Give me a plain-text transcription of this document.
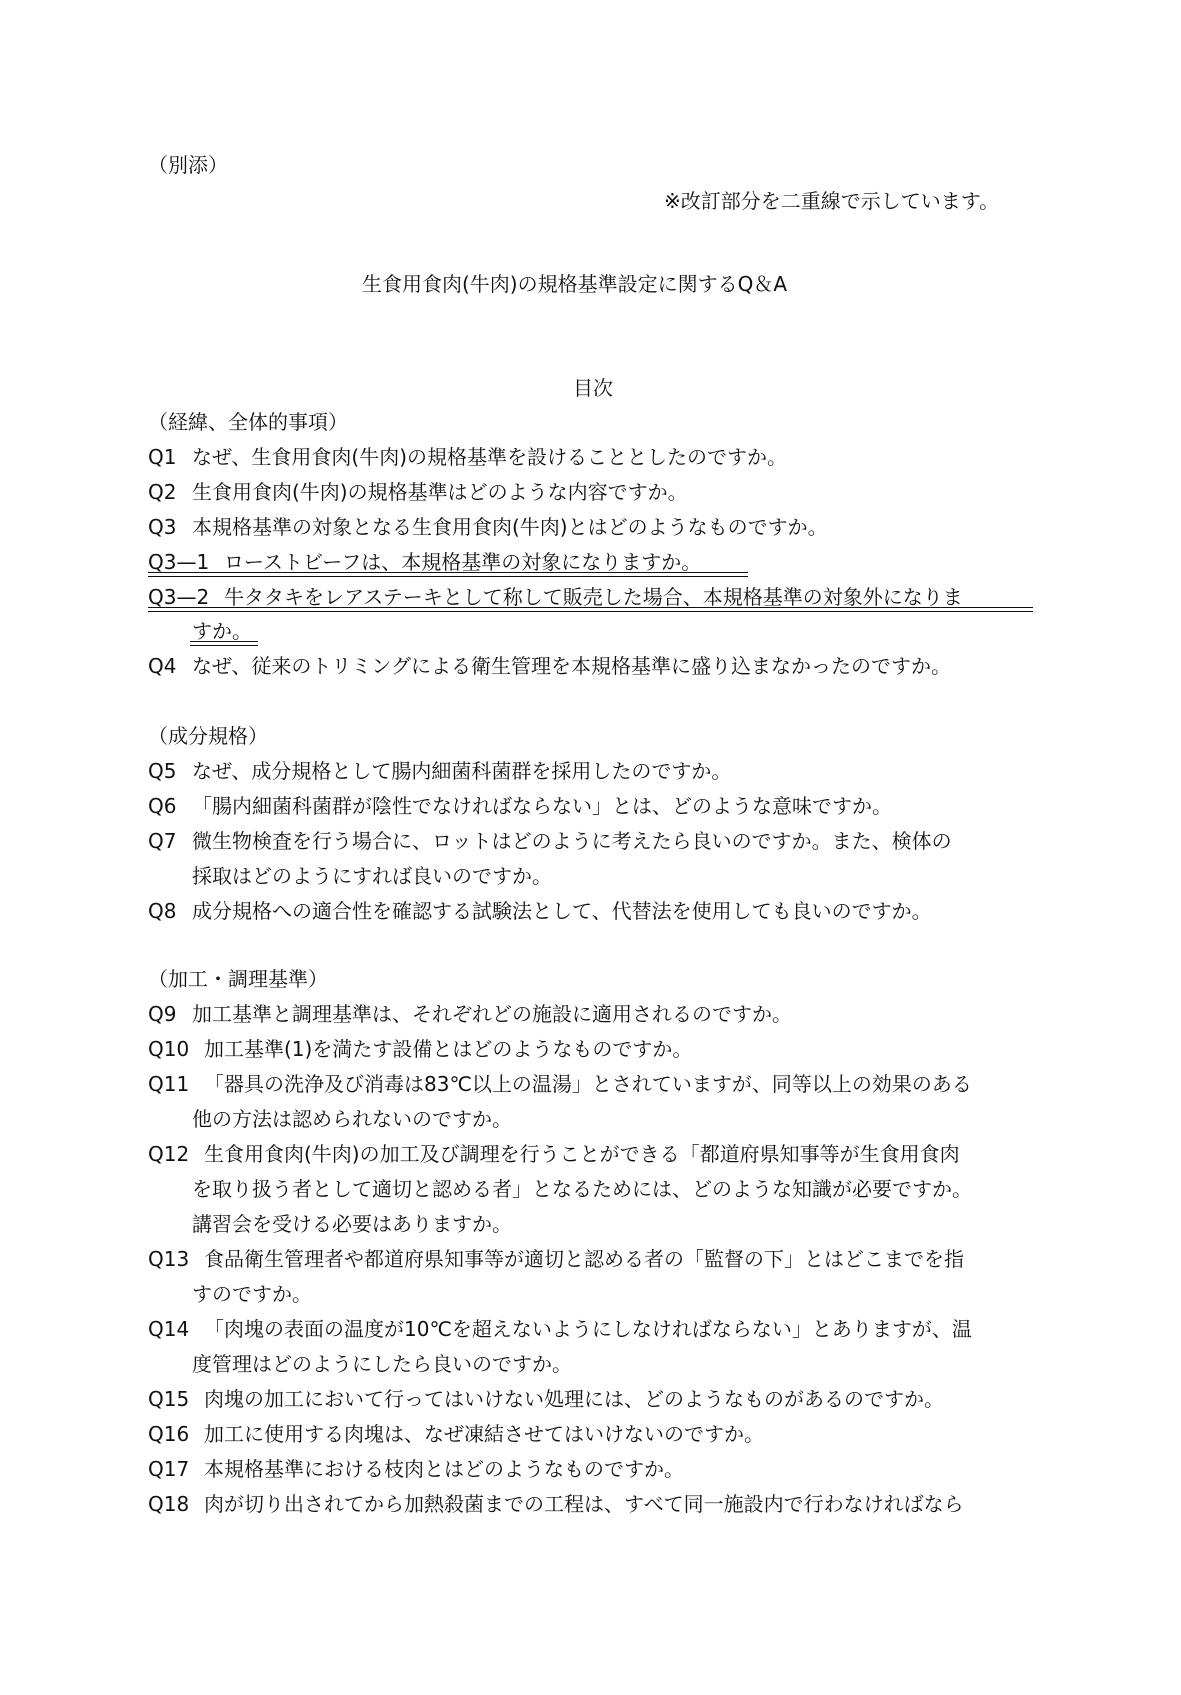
（別添）
※改訂部分を二重線で示しています。
生食用食肉(牛肉)の規格基準設定に関するQ＆A
目次
（経緯、全体的事項）
Q1 なぜ、生食用食肉(牛肉)の規格基準を設けることとしたのですか。
Q2 生食用食肉(牛肉)の規格基準はどのような内容ですか。
Q3 本規格基準の対象となる生食用食肉(牛肉)とはどのようなものですか。
Q3—1 ローストビーフは、本規格基準の対象になりますか。
Q3—2 牛タタキをレアステーキとして称して販売した場合、本規格基準の対象外になりま
すか。
Q4 なぜ、従来のトリミングによる衛生管理を本規格基準に盛り込まなかったのですか。
（成分規格）
Q5 なぜ、成分規格として腸内細菌科菌群を採用したのですか。
Q6 「腸内細菌科菌群が陰性でなければならない」とは、どのような意味ですか。
Q7 微生物検査を行う場合に、ロットはどのように考えたら良いのですか。また、検体の
採取はどのようにすれば良いのですか。
Q8 成分規格への適合性を確認する試験法として、代替法を使用しても良いのですか。
（加工・調理基準）
Q9 加工基準と調理基準は、それぞれどの施設に適用されるのですか。
Q10 加工基準(1)を満たす設備とはどのようなものですか。
Q11 「器具の洗浄及び消毒は83℃以上の温湯」とされていますが、同等以上の効果のある
他の方法は認められないのですか。
Q12 生食用食肉(牛肉)の加工及び調理を行うことができる「都道府県知事等が生食用食肉
を取り扱う者として適切と認める者」となるためには、どのような知識が必要ですか。
講習会を受ける必要はありますか。
Q13 食品衛生管理者や都道府県知事等が適切と認める者の「監督の下」とはどこまでを指
すのですか。
Q14 「肉塊の表面の温度が10℃を超えないようにしなければならない」とありますが、温
度管理はどのようにしたら良いのですか。
Q15 肉塊の加工において行ってはいけない処理には、どのようなものがあるのですか。
Q16 加工に使用する肉塊は、なぜ凍結させてはいけないのですか。
Q17 本規格基準における枝肉とはどのようなものですか。
Q18 肉が切り出されてから加熱殺菌までの工程は、すべて同一施設内で行わなければなら
